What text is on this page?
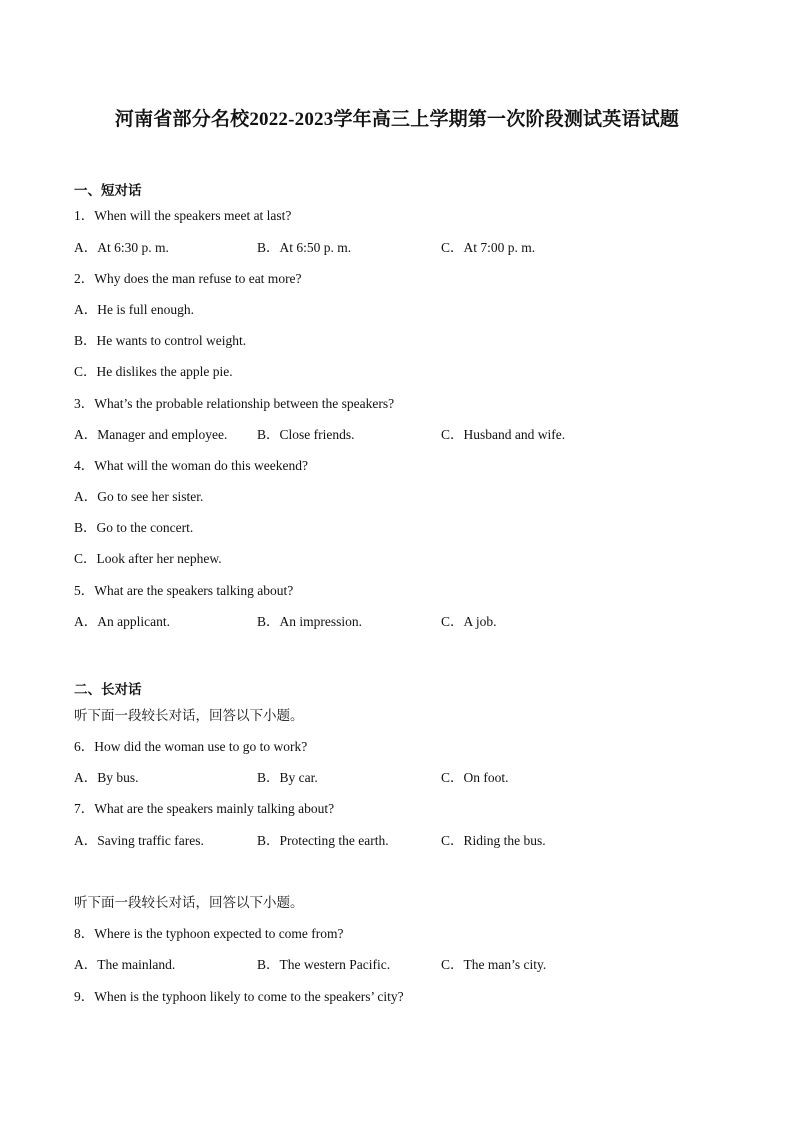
河南省部分名校2022-2023学年高三上学期第一次阶段测试英语试题
一、短对话
1．When will the speakers meet at last?
A．At 6:30 p. m.	B．At 6:50 p. m.	C．At 7:00 p. m.
2．Why does the man refuse to eat more?
A．He is full enough.
B．He wants to control weight.
C．He dislikes the apple pie.
3．What’s the probable relationship between the speakers?
A．Manager and employee. B．Close friends.	C．Husband and wife.
4．What will the woman do this weekend?
A．Go to see her sister.
B．Go to the concert.
C．Look after her nephew.
5．What are the speakers talking about?
A．An applicant.	B．An impression.	C．A job.
二、长对话
听下面一段较长对话，回答以下小题。
6．How did the woman use to go to work?
A．By bus.	B．By car.	C．On foot.
7．What are the speakers mainly talking about?
A．Saving traffic fares.	B．Protecting the earth.	C．Riding the bus.
听下面一段较长对话，回答以下小题。
8．Where is the typhoon expected to come from?
A．The mainland.	B．The western Pacific.	C．The man’s city.
9．When is the typhoon likely to come to the speakers’ city?
